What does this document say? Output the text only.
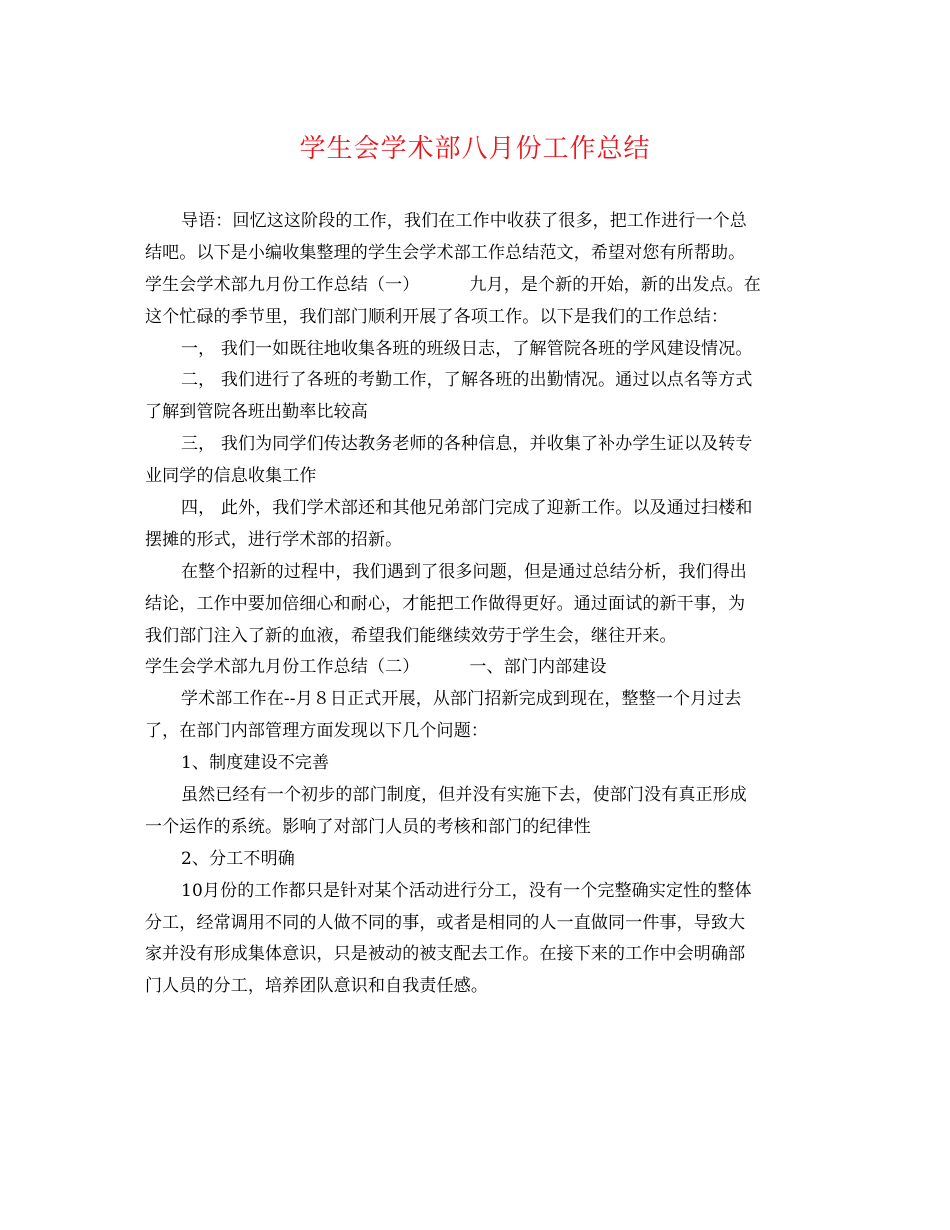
学生会学术部八月份工作总结
导语：回忆这这阶段的工作，我们在工作中收获了很多，把工作进行一个总
结吧。以下是小编收集整理的学生会学术部工作总结范文，希望对您有所帮助。
学生会学术部九月份工作总结（一）	九月，是个新的开始，新的出发点。在
这个忙碌的季节里，我们部门顺利开展了各项工作。以下是我们的工作总结：
一， 我们一如既往地收集各班的班级日志，了解管院各班的学风建设情况。
二， 我们进行了各班的考勤工作，了解各班的出勤情况。通过以点名等方式
了解到管院各班出勤率比较高
三， 我们为同学们传达教务老师的各种信息，并收集了补办学生证以及转专
业同学的信息收集工作
四， 此外，我们学术部还和其他兄弟部门完成了迎新工作。以及通过扫楼和
摆摊的形式，进行学术部的招新。
在整个招新的过程中，我们遇到了很多问题，但是通过总结分析，我们得出
结论，工作中要加倍细心和耐心，才能把工作做得更好。通过面试的新干事，为
我们部门注入了新的血液，希望我们能继续效劳于学生会，继往开来。
学生会学术部九月份工作总结（二）	一、部门内部建设
学术部工作在--月８日正式开展，从部门招新完成到现在，整整一个月过去
了，在部门内部管理方面发现以下几个问题：
1、制度建设不完善
虽然已经有一个初步的部门制度，但并没有实施下去，使部门没有真正形成
一个运作的系统。影响了对部门人员的考核和部门的纪律性
2、分工不明确
10月份的工作都只是针对某个活动进行分工，没有一个完整确实定性的整体
分工，经常调用不同的人做不同的事，或者是相同的人一直做同一件事，导致大
家并没有形成集体意识，只是被动的被支配去工作。在接下来的工作中会明确部
门人员的分工，培养团队意识和自我责任感。
